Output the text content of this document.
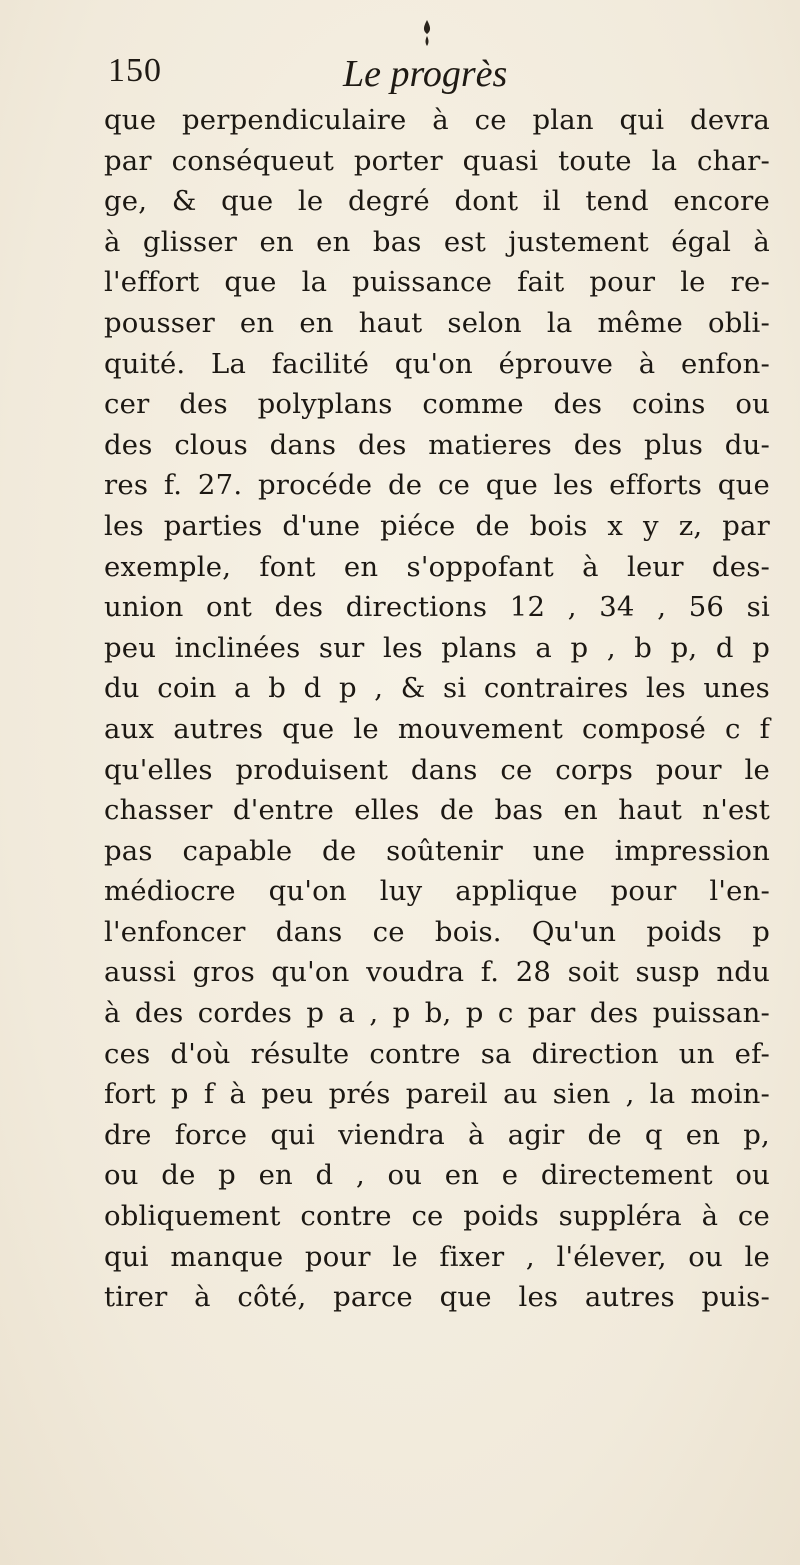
150	Le progrès
que perpendiculaire à ce plan qui devra
par conséqueut porter quasi toute la char-
ge, & que le degré dont il tend encore
à glisser en en bas est justement égal à
l'effort que la puissance fait pour le re-
pousser en en haut selon la même obli-
quité. La facilité qu'on éprouve à enfon-
cer des polyplans comme des coins ou
des clous dans des matieres des plus du-
res f. 27. procéde de ce que les efforts que
les parties d'une piéce de bois x y z, par
exemple, font en s'oppofant à leur des-
union ont des directions 12 , 34 , 56 si
peu inclinées sur les plans a p , b p, d p
du coin a b d p , & si contraires les unes
aux autres que le mouvement composé c f
qu'elles produisent dans ce corps pour le
chasser d'entre elles de bas en haut n'est
pas capable de soûtenir une impression
médiocre qu'on luy applique pour l'en-
l'enfoncer dans ce bois. Qu'un poids p
aussi gros qu'on voudra f. 28 soit susp ndu
à des cordes p a , p b, p c par des puissan-
ces d'où résulte contre sa direction un ef-
fort p f à peu prés pareil au sien , la moin-
dre force qui viendra à agir de q en p,
ou de p en d , ou en e directement ou
obliquement contre ce poids suppléra à ce
qui manque pour le fixer , l'élever, ou le
tirer à côté, parce que les autres puis-
